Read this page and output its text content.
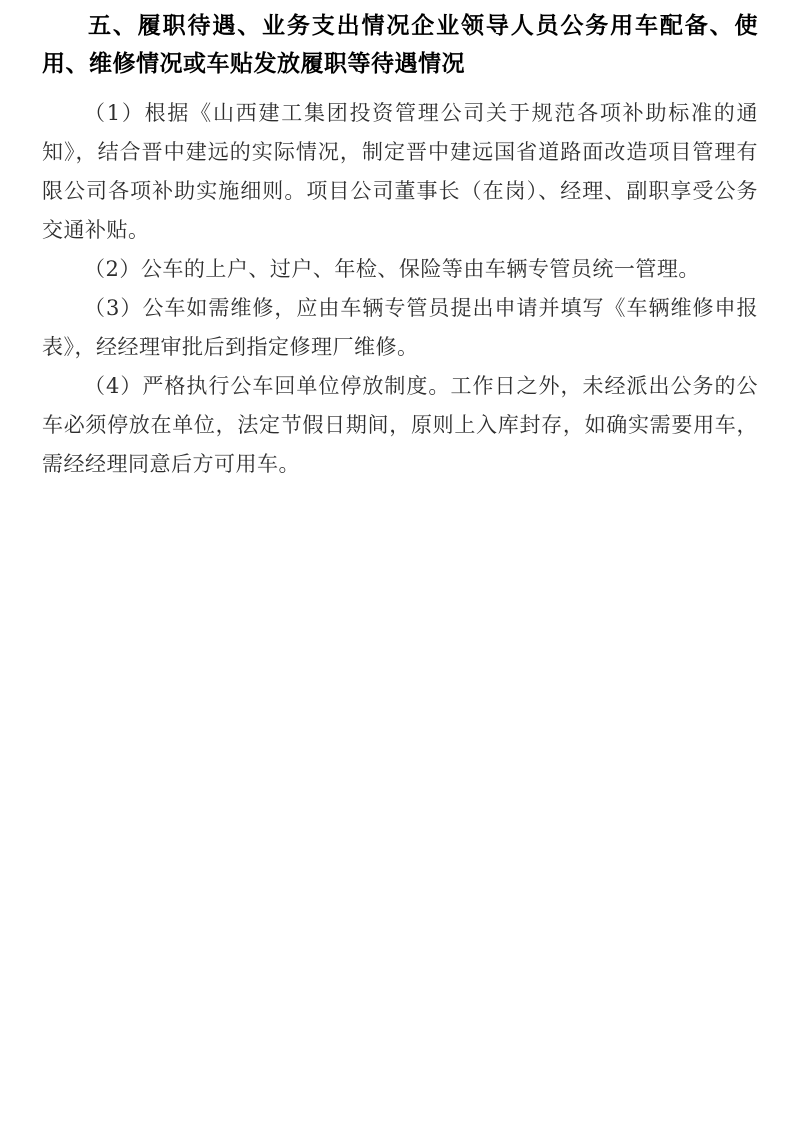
五、履职待遇、业务支出情况企业领导人员公务用车配备、使用、维修情况或车贴发放履职等待遇情况

（1）根据《山西建工集团投资管理公司关于规范各项补助标准的通知》，结合晋中建远的实际情况，制定晋中建远国省道路面改造项目管理有限公司各项补助实施细则。项目公司董事长（在岗）、经理、副职享受公务交通补贴。

（2）公车的上户、过户、年检、保险等由车辆专管员统一管理。

（3）公车如需维修，应由车辆专管员提出申请并填写《车辆维修申报表》，经经理审批后到指定修理厂维修。

（4）严格执行公车回单位停放制度。工作日之外，未经派出公务的公车必须停放在单位，法定节假日期间，原则上入库封存，如确实需要用车，需经经理同意后方可用车。
